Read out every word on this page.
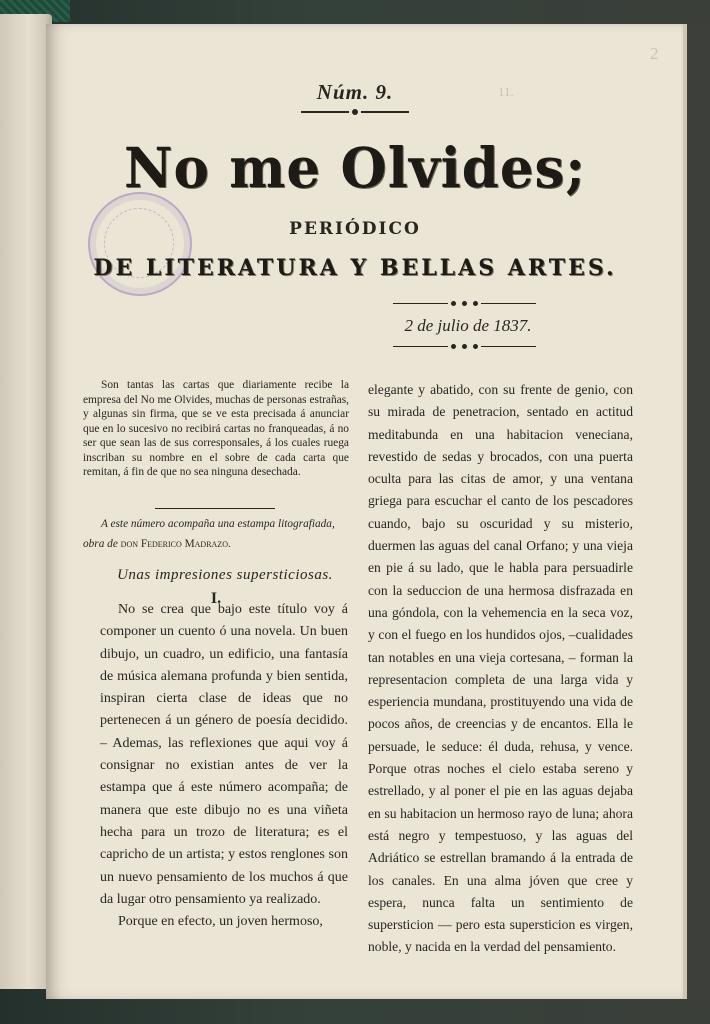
11.
2
Núm. 9.
No me Olvides;
PERIÓDICO
DE LITERATURA Y BELLAS ARTES.
2 de julio de 1837.
Son tantas las cartas que diariamente recibe la empresa del No me Olvides, muchas de personas estrañas, y algunas sin firma, que se ve esta precisada á anunciar que en lo sucesivo no recibirá cartas no franqueadas, á no ser que sean las de sus corresponsales, á los cuales ruega inscriban su nombre en el sobre de cada carta que remitan, á fin de que no sea ninguna desechada.
A este número acompaña una estampa litografiada, obra de don Federico Madrazo.
Unas impresiones supersticiosas.
I.

No se crea que bajo este título voy á componer un cuento ó una novela. Un buen dibujo, un cuadro, un edificio, una fantasía de música alemana profunda y bien sentida, inspiran cierta clase de ideas que no pertenecen á un género de poesía decidido. – Ademas, las reflexiones que aqui voy á consignar no existian antes de ver la estampa que á este número acompaña; de manera que este dibujo no es una viñeta hecha para un trozo de literatura; es el capricho de un artista; y estos renglones son un nuevo pensamiento de los muchos á que da lugar otro pensamiento ya realizado.

Porque en efecto, un joven hermoso,

elegante y abatido, con su frente de genio, con su mirada de penetracion, sentado en actitud meditabunda en una habitacion veneciana, revestido de sedas y brocados, con una puerta oculta para las citas de amor, y una ventana griega para escuchar el canto de los pescadores cuando, bajo su oscuridad y su misterio, duermen las aguas del canal Orfano; y una vieja en pie á su lado, que le habla para persuadirle con la seduccion de una hermosa disfrazada en una góndola, con la vehemencia en la seca voz, y con el fuego en los hundidos ojos, –cualidades tan notables en una vieja cortesana, – forman la representacion completa de una larga vida y esperiencia mundana, prostituyendo una vida de pocos años, de creencias y de encantos. Ella le persuade, le seduce: él duda, rehusa, y vence. Porque otras noches el cielo estaba sereno y estrellado, y al poner el pie en las aguas dejaba en su habitacion un hermoso rayo de luna; ahora está negro y tempestuoso, y las aguas del Adriático se estrellan bramando á la entrada de los canales. En una alma jóven que cree y espera, nunca falta un sentimiento de supersticion — pero esta supersticion es virgen, noble, y nacida en la verdad del pensamiento.
